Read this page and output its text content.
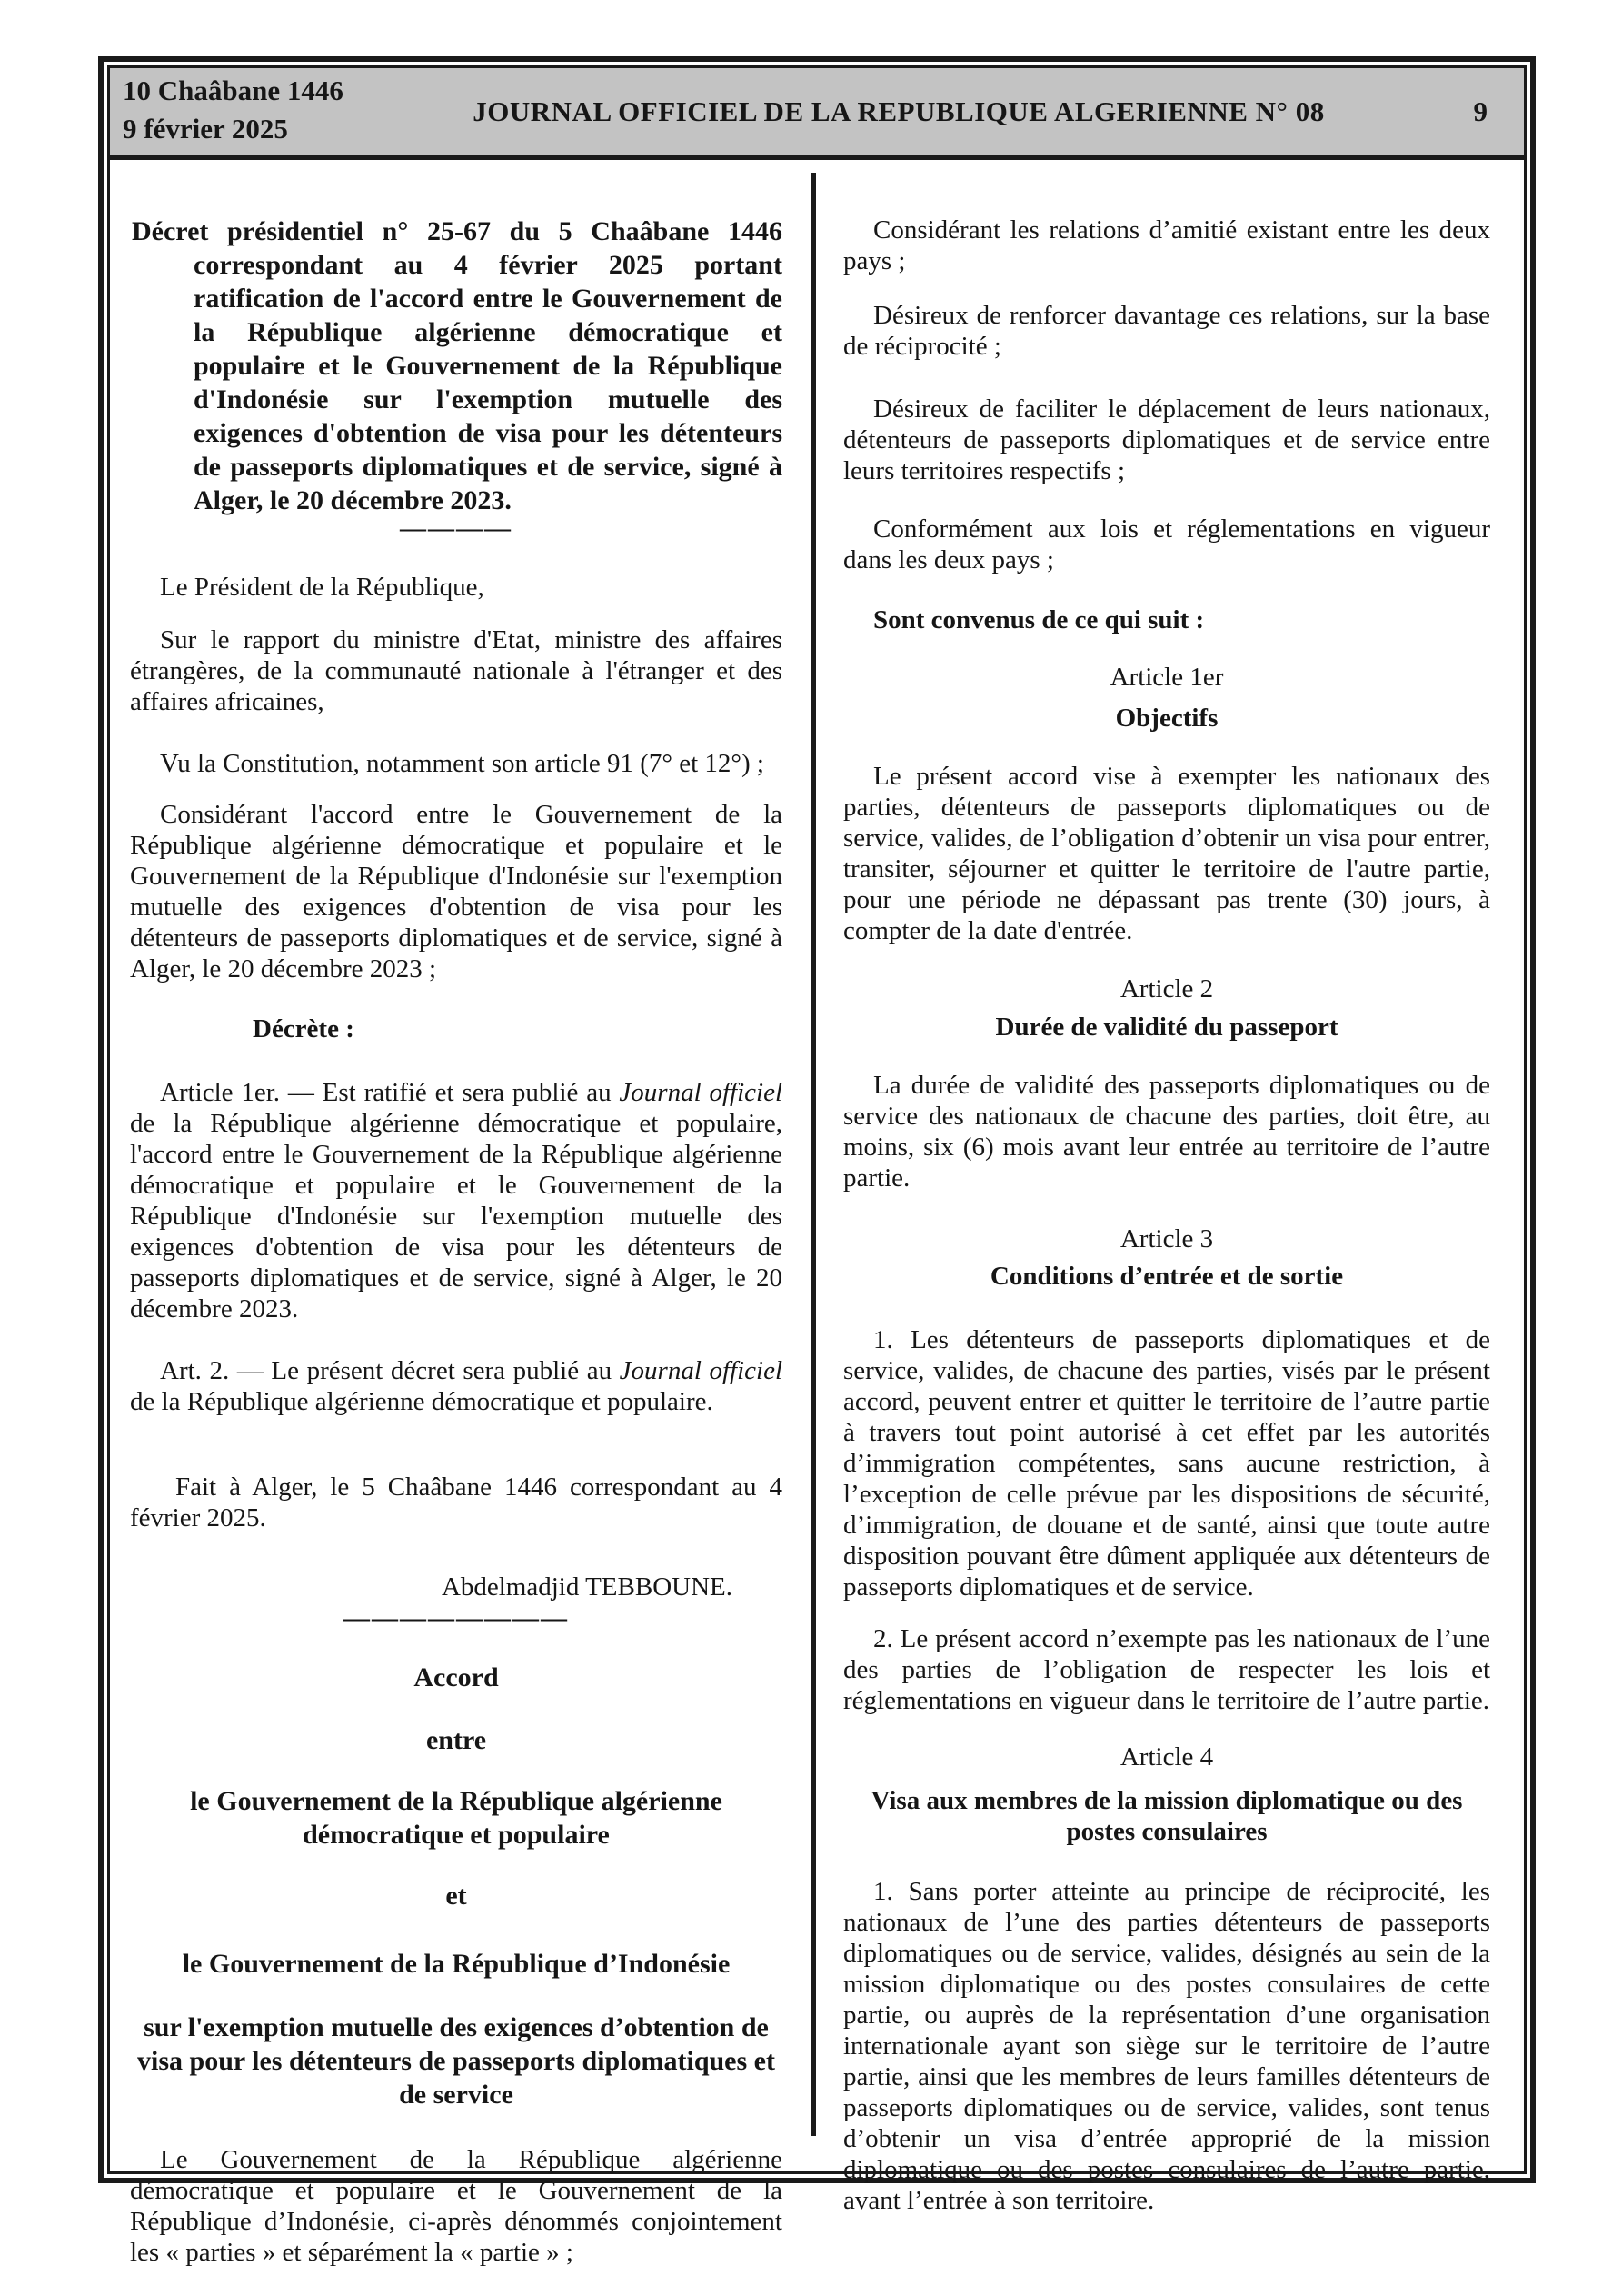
10 Chaâbane 1446
9 février 2025
JOURNAL OFFICIEL DE LA REPUBLIQUE ALGERIENNE N° 08	9

Décret présidentiel n° 25-67 du 5 Chaâbane 1446 correspondant au 4 février 2025 portant ratification de l'accord entre le Gouvernement de la République algérienne démocratique et populaire et le Gouvernement de la République d'Indonésie sur l'exemption mutuelle des exigences d'obtention de visa pour les détenteurs de passeports diplomatiques et de service, signé à Alger, le 20 décembre 2023.

————

Le Président de la République,

Sur le rapport du ministre d'Etat, ministre des affaires étrangères, de la communauté nationale à l'étranger et des affaires africaines,

Vu la Constitution, notamment son article 91 (7° et 12°) ;

Considérant l'accord entre le Gouvernement de la République algérienne démocratique et populaire et le Gouvernement de la République d'Indonésie sur l'exemption mutuelle des exigences d'obtention de visa pour les détenteurs de passeports diplomatiques et de service, signé à Alger, le 20 décembre 2023 ;

Décrète :

Article 1er. — Est ratifié et sera publié au Journal officiel de la République algérienne démocratique et populaire, l'accord entre le Gouvernement de la République algérienne démocratique et populaire et le Gouvernement de la République d'Indonésie sur l'exemption mutuelle des exigences d'obtention de visa pour les détenteurs de passeports diplomatiques et de service, signé à Alger, le 20 décembre 2023.

Art. 2. — Le présent décret sera publié au Journal officiel de la République algérienne démocratique et populaire.

Fait à Alger, le 5 Chaâbane 1446 correspondant au 4 février 2025.

Abdelmadjid TEBBOUNE.

————————

Accord

entre

le Gouvernement de la République algérienne démocratique et populaire

et

le Gouvernement de la République d’Indonésie

sur l'exemption mutuelle des exigences d’obtention de visa pour les détenteurs de passeports diplomatiques et de service

Le Gouvernement de la République algérienne démocratique et populaire et le Gouvernement de la République d’Indonésie, ci-après dénommés conjointement les « parties » et séparément la « partie » ;

Considérant les relations d’amitié existant entre les deux pays ;

Désireux de renforcer davantage ces relations, sur la base de réciprocité ;

Désireux de faciliter le déplacement de leurs nationaux, détenteurs de passeports diplomatiques et de service entre leurs territoires respectifs ;

Conformément aux lois et réglementations en vigueur dans les deux pays ;

Sont convenus de ce qui suit :

Article 1er

Objectifs

Le présent accord vise à exempter les nationaux des parties, détenteurs de passeports diplomatiques ou de service, valides, de l’obligation d’obtenir un visa pour entrer, transiter, séjourner et quitter le territoire de l'autre partie, pour une période ne dépassant pas trente (30) jours, à compter de la date d'entrée.

Article 2

Durée de validité du passeport

La durée de validité des passeports diplomatiques ou de service des nationaux de chacune des parties, doit être, au moins, six (6) mois avant leur entrée au territoire de l’autre partie.

Article 3

Conditions d’entrée et de sortie

1. Les détenteurs de passeports diplomatiques et de service, valides, de chacune des parties, visés par le présent accord, peuvent entrer et quitter le territoire de l’autre partie à travers tout point autorisé à cet effet par les autorités d’immigration compétentes, sans aucune restriction, à l’exception de celle prévue par les dispositions de sécurité, d’immigration, de douane et de santé, ainsi que toute autre disposition pouvant être dûment appliquée aux détenteurs de passeports diplomatiques et de service.

2. Le présent accord n’exempte pas les nationaux de l’une des parties de l’obligation de respecter les lois et réglementations en vigueur dans le territoire de l’autre partie.

Article 4

Visa aux membres de la mission diplomatique ou des postes consulaires

1. Sans porter atteinte au principe de réciprocité, les nationaux de l’une des parties détenteurs de passeports diplomatiques ou de service, valides, désignés au sein de la mission diplomatique ou des postes consulaires de cette partie, ou auprès de la représentation d’une organisation internationale ayant son siège sur le territoire de l’autre partie, ainsi que les membres de leurs familles détenteurs de passeports diplomatiques ou de service, valides, sont tenus d’obtenir un visa d’entrée approprié de la mission diplomatique ou des postes consulaires de l’autre partie, avant l’entrée à son territoire.
